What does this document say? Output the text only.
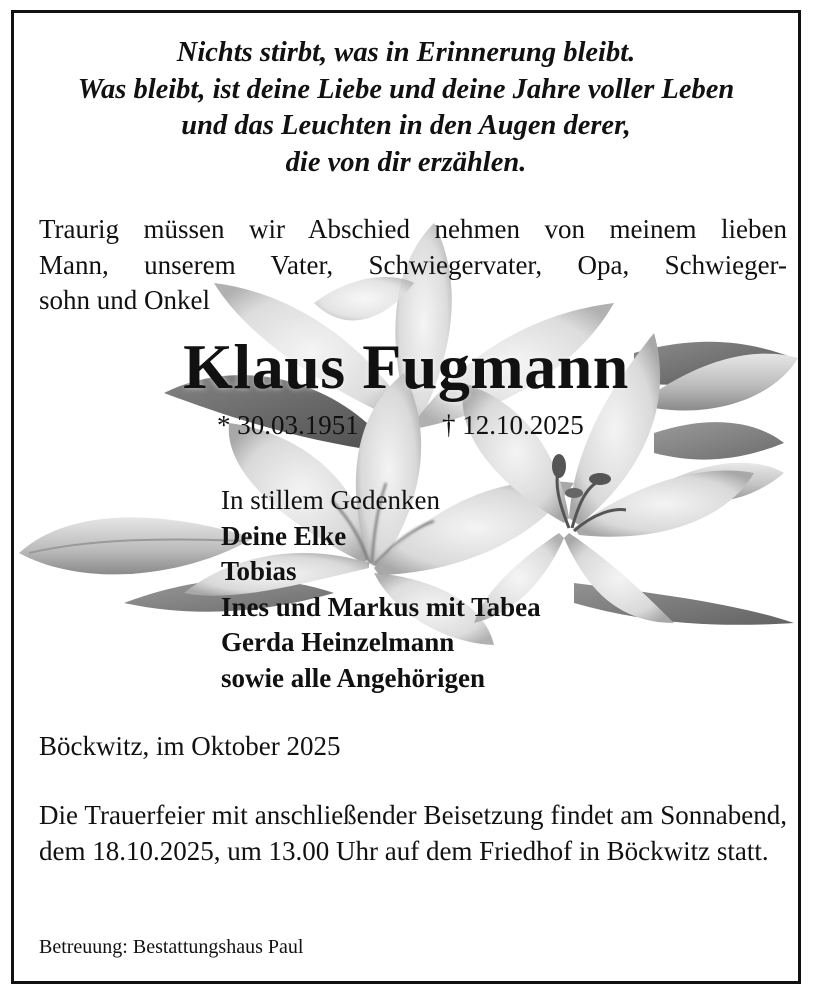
Nichts stirbt, was in Erinnerung bleibt.
Was bleibt, ist deine Liebe und deine Jahre voller Leben
und das Leuchten in den Augen derer,
die von dir erzählen.
Traurig müssen wir Abschied nehmen von meinem lieben
Mann, unserem Vater, Schwiegervater, Opa, Schwieger-
sohn und Onkel
Klaus Fugmann
* 30.03.1951	† 12.10.2025
In stillem Gedenken
Deine Elke
Tobias
Ines und Markus mit Tabea
Gerda Heinzelmann
sowie alle Angehörigen
Böckwitz, im Oktober 2025
Die Trauerfeier mit anschließender Beisetzung findet am Sonnabend, dem 18.10.2025, um 13.00 Uhr auf dem Friedhof in Böckwitz statt.
Betreuung: Bestattungshaus Paul
